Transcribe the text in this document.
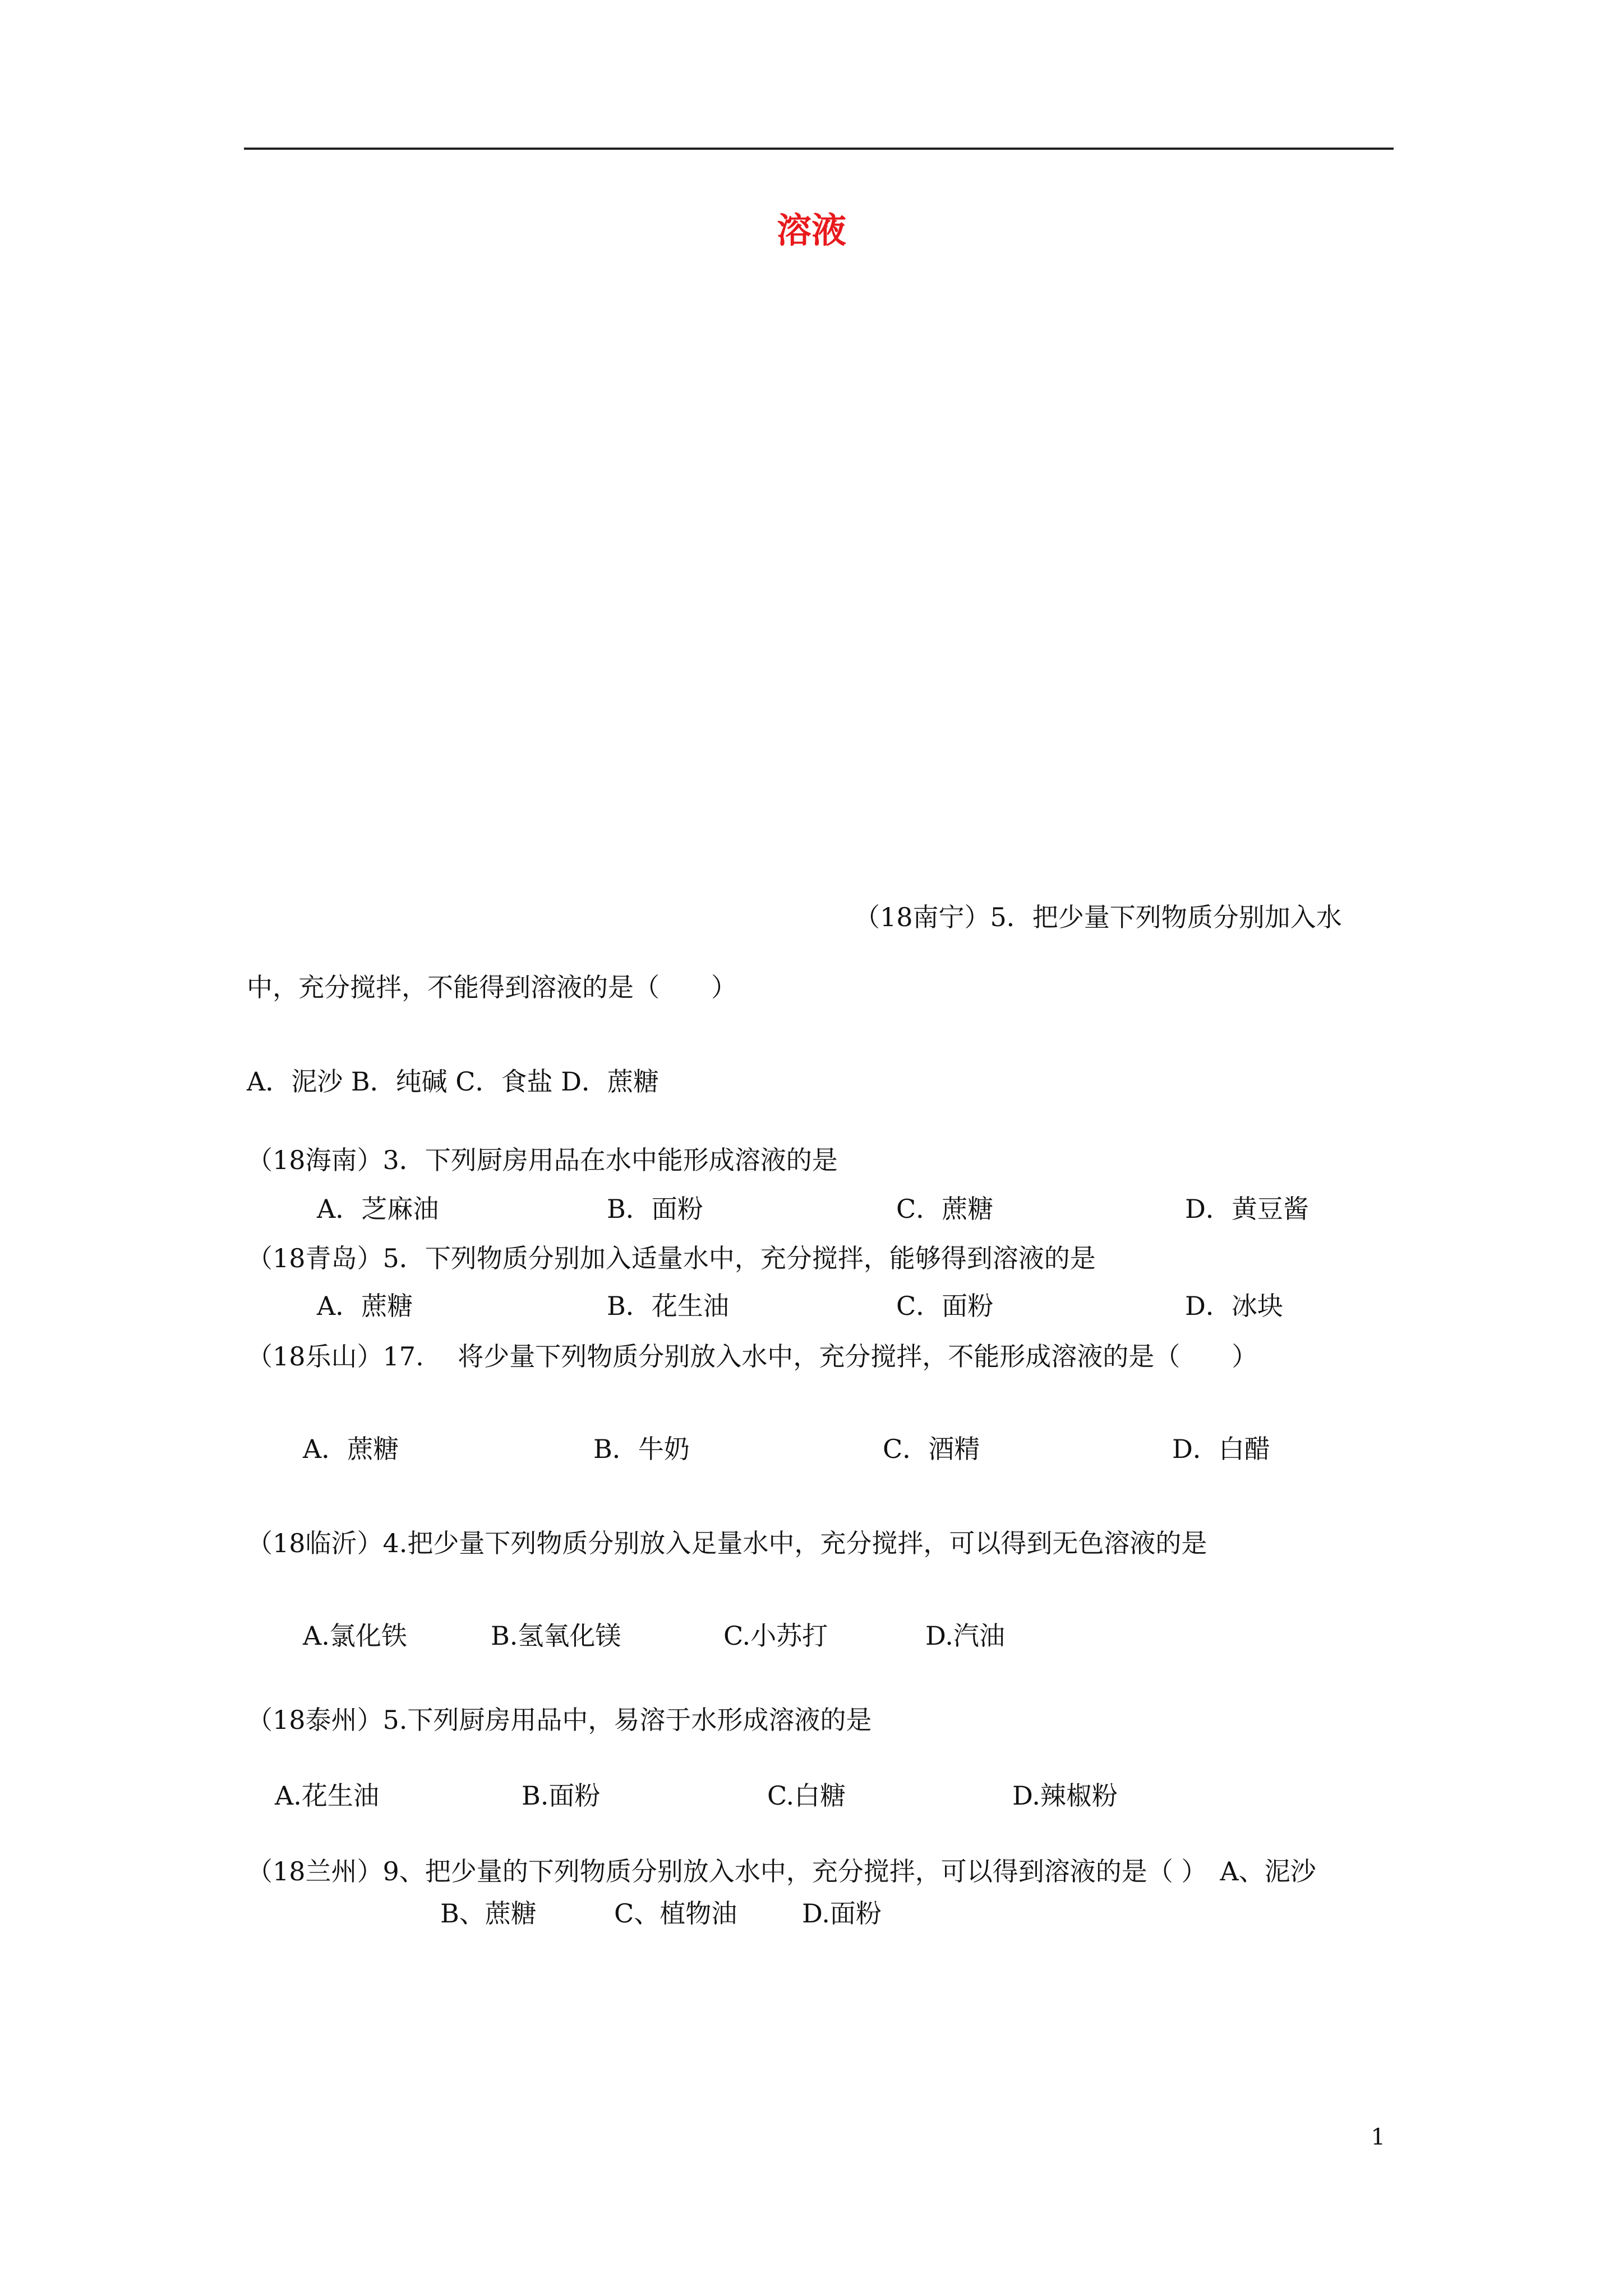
溶液
（18南宁）5．把少量下列物质分别加入水
中，充分搅拌，不能得到溶液的是（　　）
A．泥沙 B．纯碱 C．食盐 D．蔗糖
（18海南）3．下列厨房用品在水中能形成溶液的是
A．芝麻油	B．面粉	C．蔗糖	D．黄豆酱
（18青岛）5．下列物质分别加入适量水中，充分搅拌，能够得到溶液的是
A．蔗糖	B．花生油	C．面粉	D．冰块
（18乐山）17.　 将少量下列物质分别放入水中，充分搅拌，不能形成溶液的是（　　）
A．蔗糖	B．牛奶	C．酒精	D．白醋
（18临沂）4.把少量下列物质分别放入足量水中，充分搅拌，可以得到无色溶液的是
A.氯化铁	B.氢氧化镁	C.小苏打	D.汽油
（18泰州）5.下列厨房用品中，易溶于水形成溶液的是
A.花生油	B.面粉	C.白糖	D.辣椒粉
（18兰州）9、把少量的下列物质分别放入水中，充分搅拌，可以得到溶液的是（ ）　A、泥沙
B、蔗糖	C、植物油	D.面粉
1
